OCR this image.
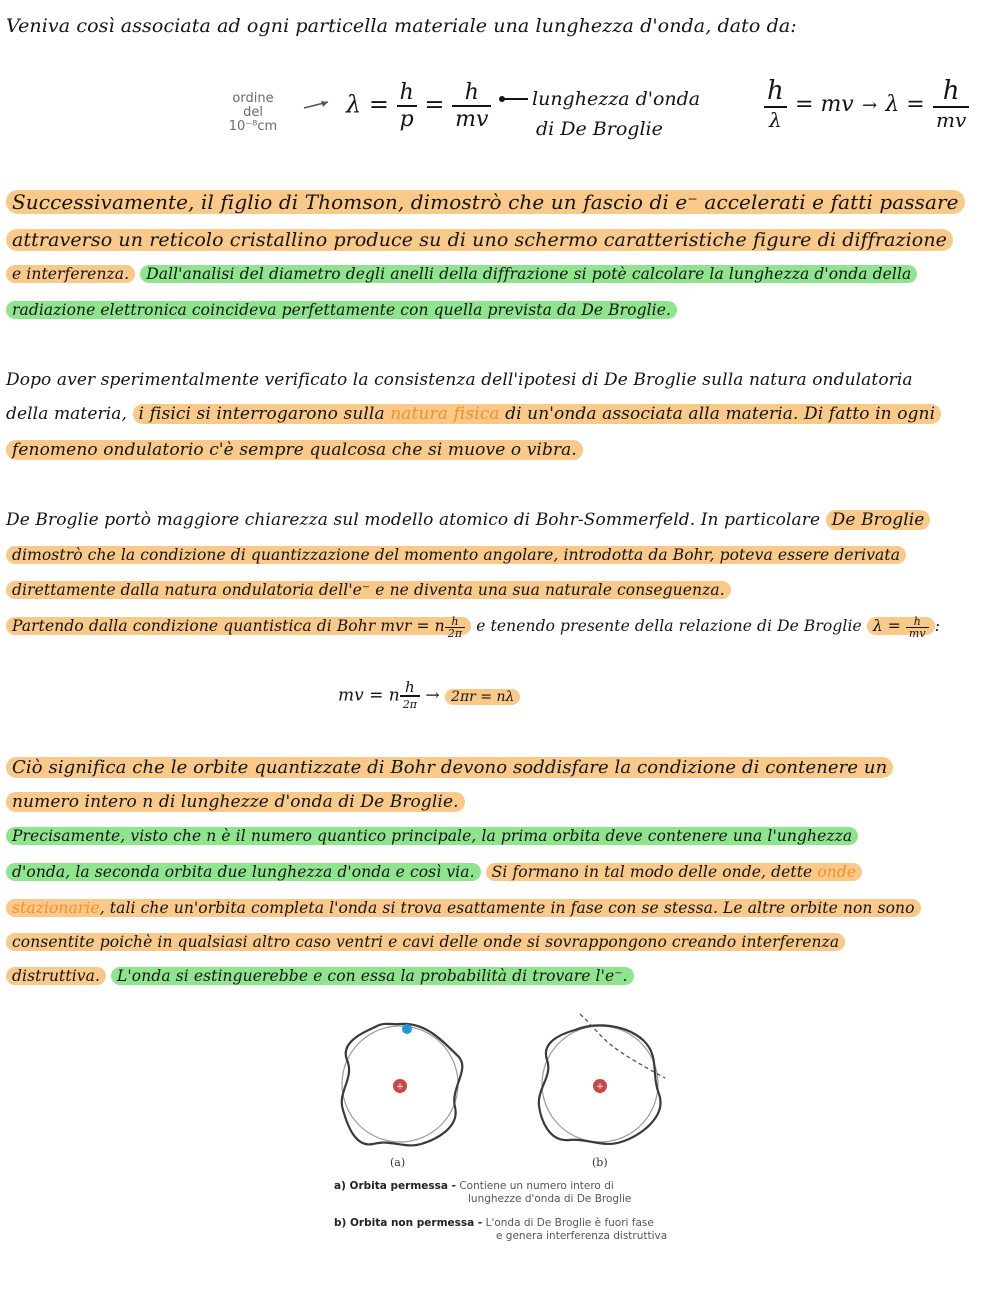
Veniva così associata ad ogni particella materiale una lunghezza d'onda, dato da:
ordine
del
10⁻⁸cm
$\lambda = \frac{h}{p} = \frac{h}{mv}$ lunghezza d'onda
di De Broglie	$\frac{h}{\lambda}$ = mv → $\lambda = \frac{h}{mv}$
Successivamente, il figlio di Thomson, dimostrò che un fascio di e⁻ accelerati e fatti passare
attraverso un reticolo cristallino produce su di uno schermo caratteristiche figure di diffrazione
e interferenza. Dall'analisi del diametro degli anelli della diffrazione si potè calcolare la lunghezza d'onda della
radiazione elettronica coincideva perfettamente con quella prevista da De Broglie.
Dopo aver sperimentalmente verificato la consistenza dell'ipotesi di De Broglie sulla natura ondulatoria
della materia, i fisici si interrogarono sulla natura fisica di un'onda associata alla materia. Di fatto in ogni
fenomeno ondulatorio c'è sempre qualcosa che si muove o vibra.
De Broglie portò maggiore chiarezza sul modello atomico di Bohr-Sommerfeld. In particolare De Broglie
dimostrò che la condizione di quantizzazione del momento angolare, introdotta da Bohr, poteva essere derivata
direttamente dalla natura ondulatoria dell'e⁻ e ne diventa una sua naturale conseguenza.
Partendo dalla condizione quantistica di Bohr mvr = n $\frac{h}{2\pi}$ e tenendo presente della relazione di De Broglie $\lambda = \frac{h}{mv}$ :
mv = n $\frac{h}{2\pi} \to 2\pi r = n\lambda$
Ciò significa che le orbite quantizzate di Bohr devono soddisfare la condizione di contenere un
numero intero n di lunghezze d'onda di De Broglie.
Precisamente, visto che n è il numero quantico principale, la prima orbita deve contenere una l'unghezza
d'onda, la seconda orbita due lunghezza d'onda e così via. Si formano in tal modo delle onde, dette onde
stazionarie, tali che un'orbita completa l'onda si trova esattamente in fase con se stessa. Le altre orbite non sono
consentite poichè in qualsiasi altro caso ventri e cavi delle onde si sovrappongono creando interferenza
distruttiva. L'onda si estinguerebbe e con essa la probabilità di trovare l'e⁻.
+	+
(a)	(b)
a) Orbita permessa - Contiene un numero intero di
lunghezze d'onda di De Broglie
b) Orbita non permessa - L'onda di De Broglie è fuori fase
e genera interferenza distruttiva
